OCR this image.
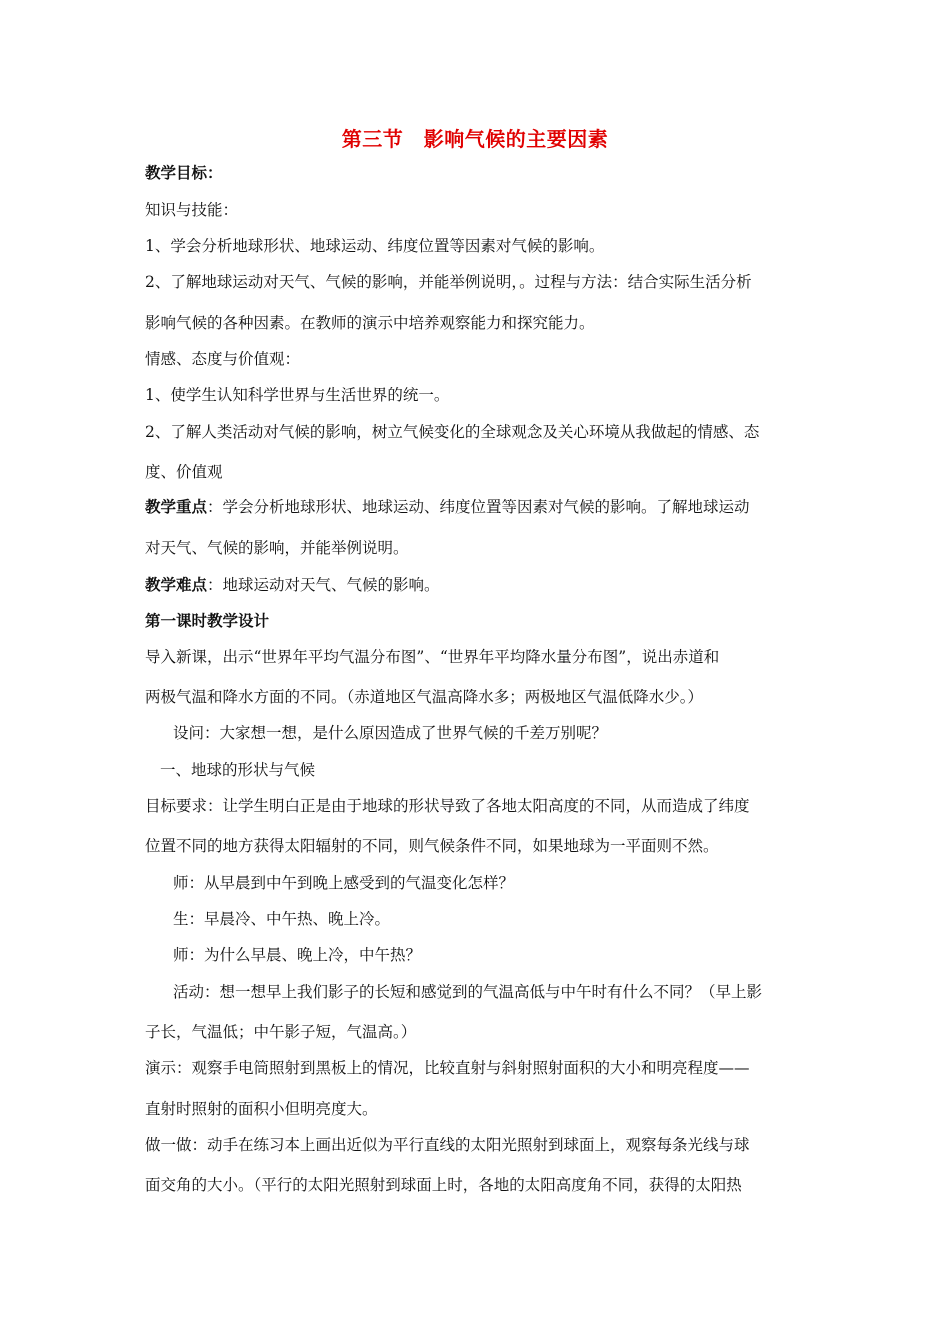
第三节　影响气候的主要因素
教学目标：
知识与技能：
1、学会分析地球形状、地球运动、纬度位置等因素对气候的影响。
2、了解地球运动对天气、气候的影响，并能举例说明，。过程与方法：结合实际生活分析
影响气候的各种因素。在教师的演示中培养观察能力和探究能力。
情感、态度与价值观：
1、使学生认知科学世界与生活世界的统一。
2、了解人类活动对气候的影响，树立气候变化的全球观念及关心环境从我做起的情感、态
度、价值观
教学重点：学会分析地球形状、地球运动、纬度位置等因素对气候的影响。了解地球运动
对天气、气候的影响，并能举例说明。
教学难点：地球运动对天气、气候的影响。
第一课时教学设计
导入新课，出示“世界年平均气温分布图”、“世界年平均降水量分布图”，说出赤道和
两极气温和降水方面的不同。（赤道地区气温高降水多；两极地区气温低降水少。）
设问：大家想一想，是什么原因造成了世界气候的千差万别呢？
一、地球的形状与气候
目标要求：让学生明白正是由于地球的形状导致了各地太阳高度的不同，从而造成了纬度
位置不同的地方获得太阳辐射的不同，则气候条件不同，如果地球为一平面则不然。
师：从早晨到中午到晚上感受到的气温变化怎样？
生：早晨冷、中午热、晚上冷。
师：为什么早晨、晚上冷，中午热？
活动：想一想早上我们影子的长短和感觉到的气温高低与中午时有什么不同？（早上影
子长，气温低；中午影子短，气温高。）
演示：观察手电筒照射到黑板上的情况，比较直射与斜射照射面积的大小和明亮程度——
直射时照射的面积小但明亮度大。
做一做：动手在练习本上画出近似为平行直线的太阳光照射到球面上，观察每条光线与球
面交角的大小。（平行的太阳光照射到球面上时，各地的太阳高度角不同，获得的太阳热
